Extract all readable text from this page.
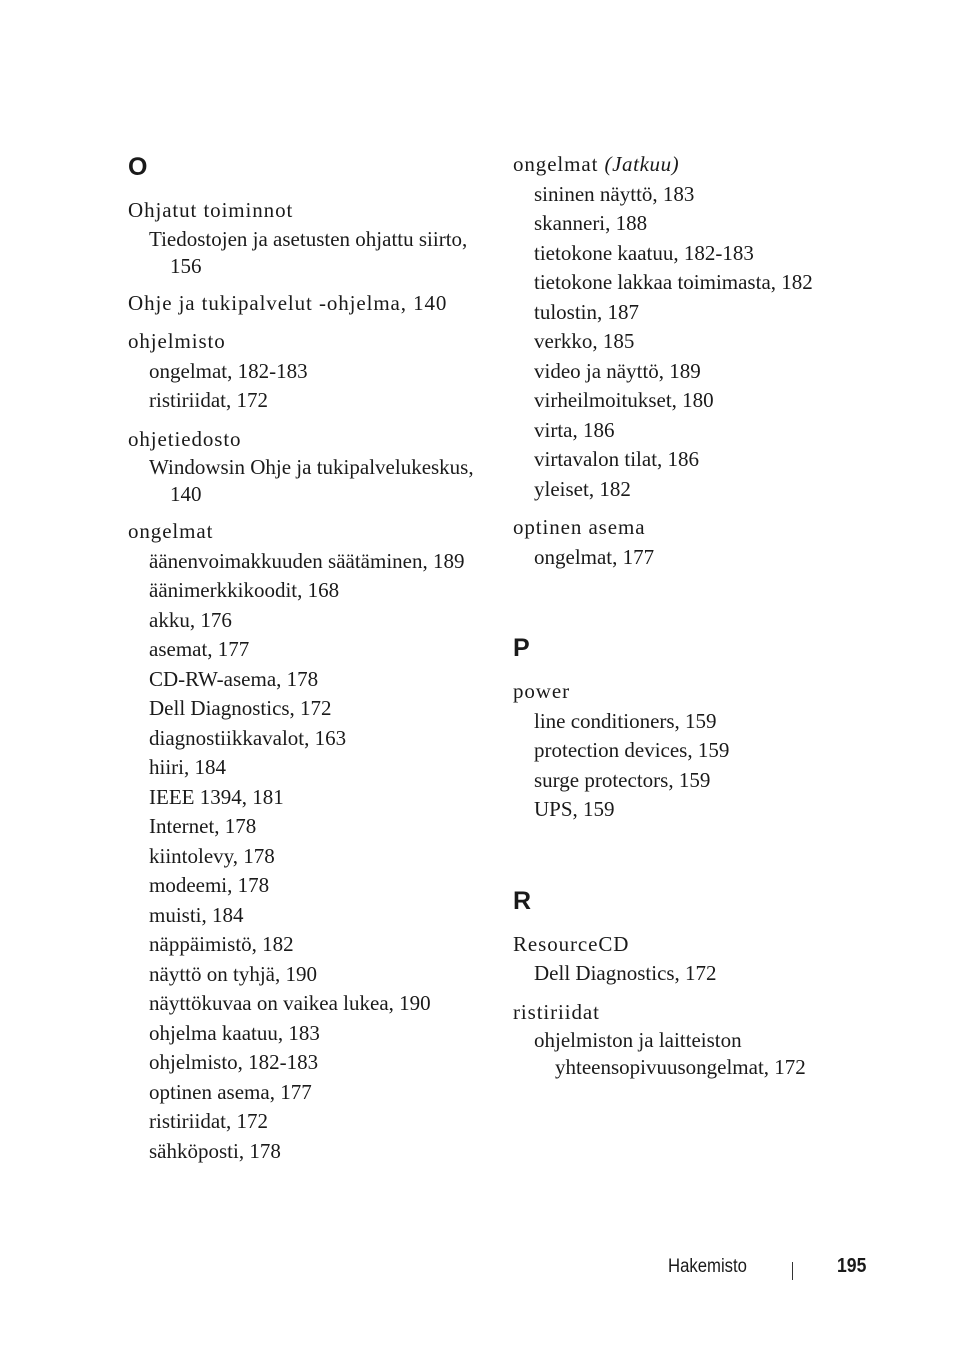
O
Ohjatut toiminnot
Tiedostojen ja asetusten ohjattu siirto, 156
Ohje ja tukipalvelut -ohjelma, 140
ohjelmisto
ongelmat, 182-183
ristiriidat, 172
ohjetiedosto
Windowsin Ohje ja tukipalvelukeskus, 140
ongelmat
äänenvoimakkuuden säätäminen, 189
äänimerkkikoodit, 168
akku, 176
asemat, 177
CD-RW-asema, 178
Dell Diagnostics, 172
diagnostiikkavalot, 163
hiiri, 184
IEEE 1394, 181
Internet, 178
kiintolevy, 178
modeemi, 178
muisti, 184
näppäimistö, 182
näyttö on tyhjä, 190
näyttökuvaa on vaikea lukea, 190
ohjelma kaatuu, 183
ohjelmisto, 182-183
optinen asema, 177
ristiriidat, 172
sähköposti, 178
ongelmat (Jatkuu)
sininen näyttö, 183
skanneri, 188
tietokone kaatuu, 182-183
tietokone lakkaa toimimasta, 182
tulostin, 187
verkko, 185
video ja näyttö, 189
virheilmoitukset, 180
virta, 186
virtavalon tilat, 186
yleiset, 182
optinen asema
ongelmat, 177
P
power
line conditioners, 159
protection devices, 159
surge protectors, 159
UPS, 159
R
ResourceCD
Dell Diagnostics, 172
ristiriidat
ohjelmiston ja laitteiston yhteensopivuusongelmat, 172
Hakemisto	195
